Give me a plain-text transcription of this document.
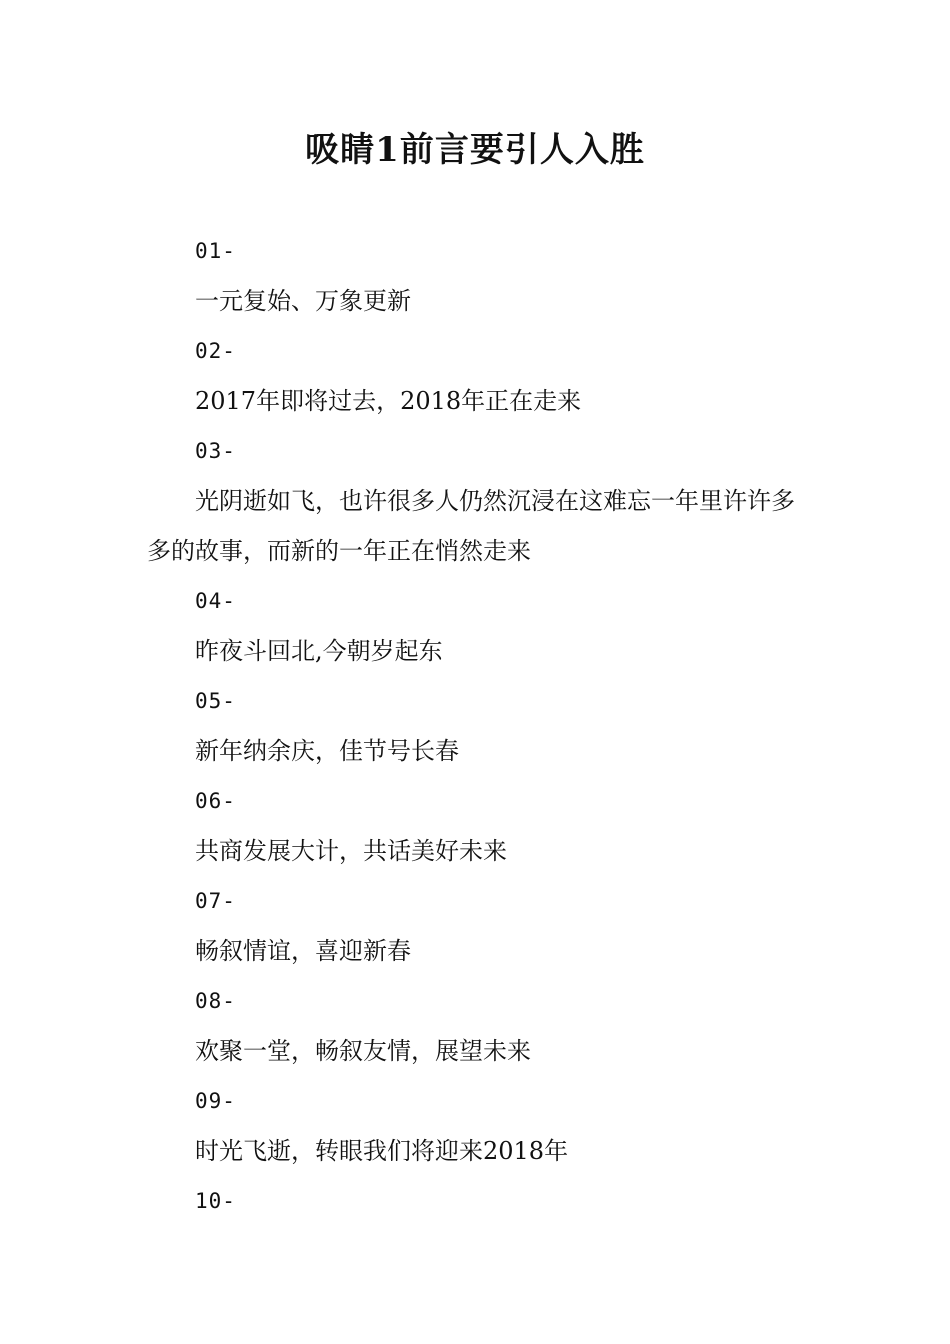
吸睛1前言要引人入胜

01-

一元复始、万象更新

02-

2017年即将过去，2018年正在走来

03-

光阴逝如飞，也许很多人仍然沉浸在这难忘一年里许许多多的故事，而新的一年正在悄然走来

04-

昨夜斗回北,今朝岁起东

05-

新年纳余庆，佳节号长春

06-

共商发展大计，共话美好未来

07-

畅叙情谊，喜迎新春

08-

欢聚一堂，畅叙友情，展望未来

09-

时光飞逝，转眼我们将迎来2018年

10-
